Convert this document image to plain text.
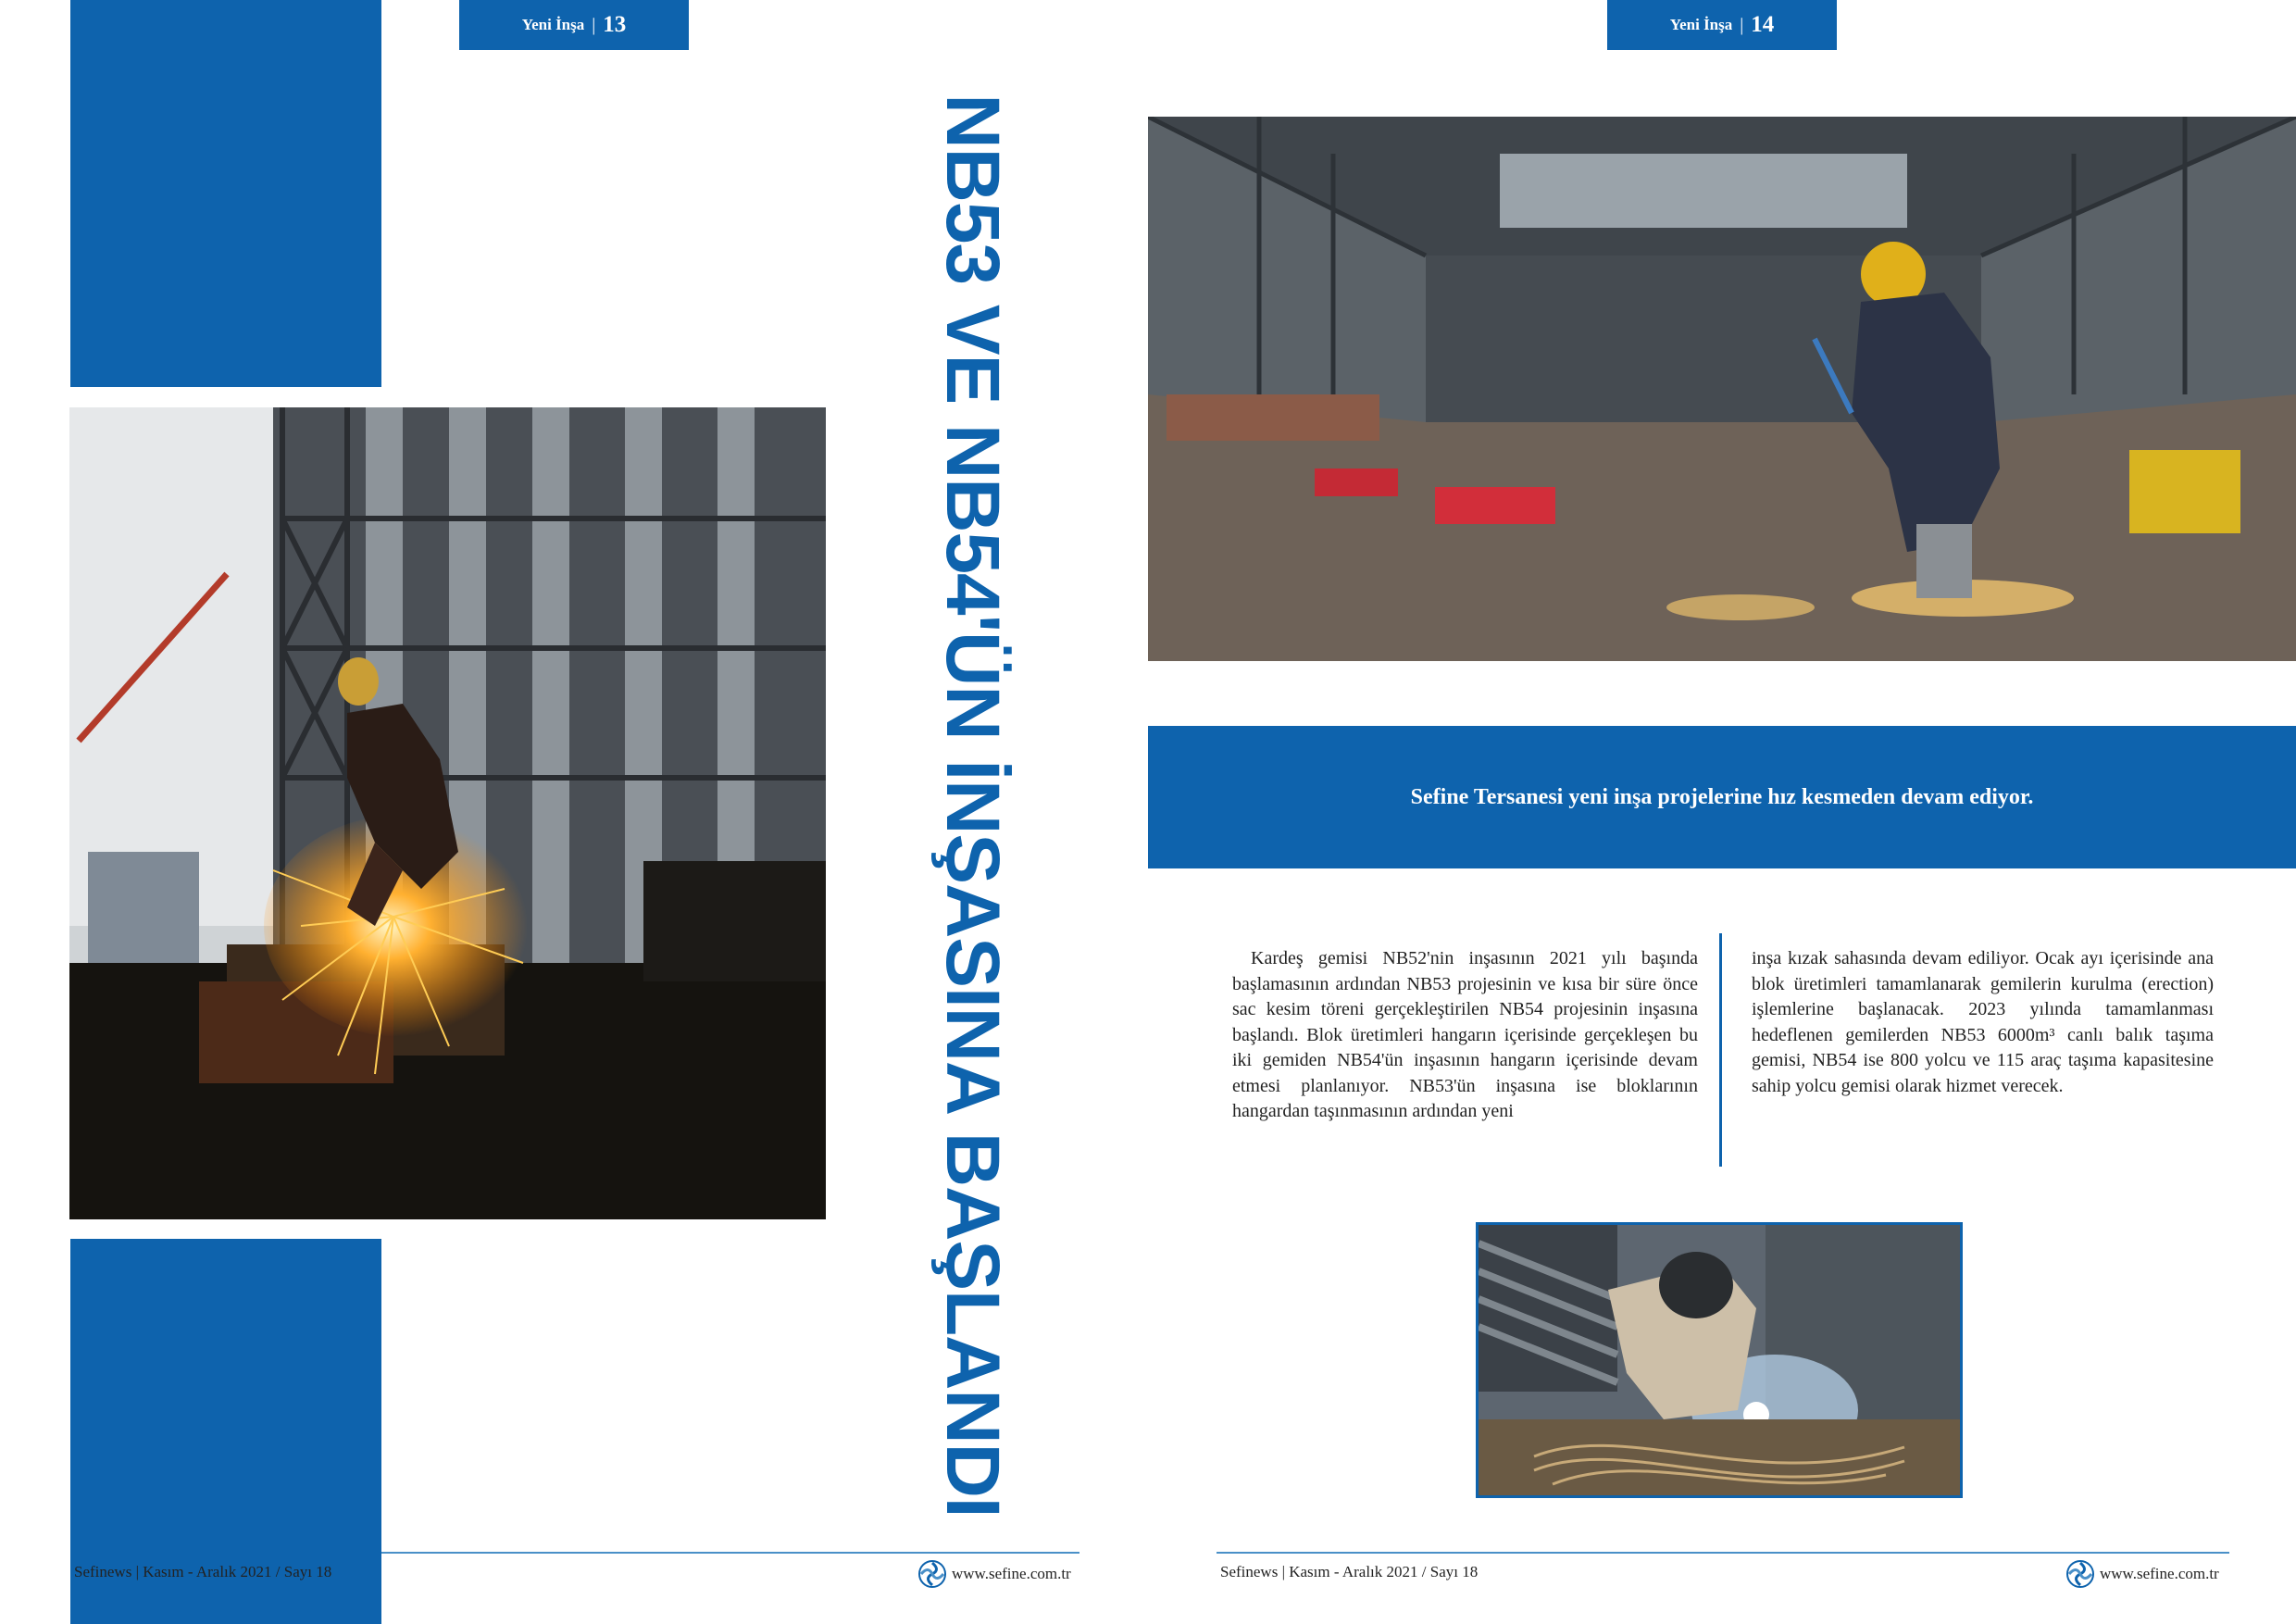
Yeni İnşa | 13
NB53 VE NB54'ÜN İNŞASINA BAŞLANDI
Sefinews | Kasım - Aralık 2021 / Sayı 18	www.sefine.com.tr
Yeni İnşa | 14
Sefine Tersanesi yeni inşa projelerine hız kesmeden devam ediyor.

Kardeş gemisi NB52'nin inşasının 2021 yılı başında başlamasının ardından NB53 projesinin ve kısa bir süre önce sac kesim töreni gerçekleştirilen NB54 projesinin inşasına başlandı. Blok üretimleri hangarın içerisinde gerçekleşen bu iki gemiden NB54'ün inşasının hangarın içerisinde devam etmesi planlanıyor. NB53'ün inşasına ise bloklarının hangardan taşınmasının ardından yeni

inşa kızak sahasında devam ediliyor. Ocak ayı içerisinde ana blok üretimleri tamamlanarak gemilerin kurulma (erection) işlemlerine başlanacak. 2023 yılında tamamlanması hedeflenen gemilerden NB53 6000m³ canlı balık taşıma gemisi, NB54 ise 800 yolcu ve 115 araç taşıma kapasitesine sahip yolcu gemisi olarak hizmet verecek.

Sefinews | Kasım - Aralık 2021 / Sayı 18	www.sefine.com.tr
